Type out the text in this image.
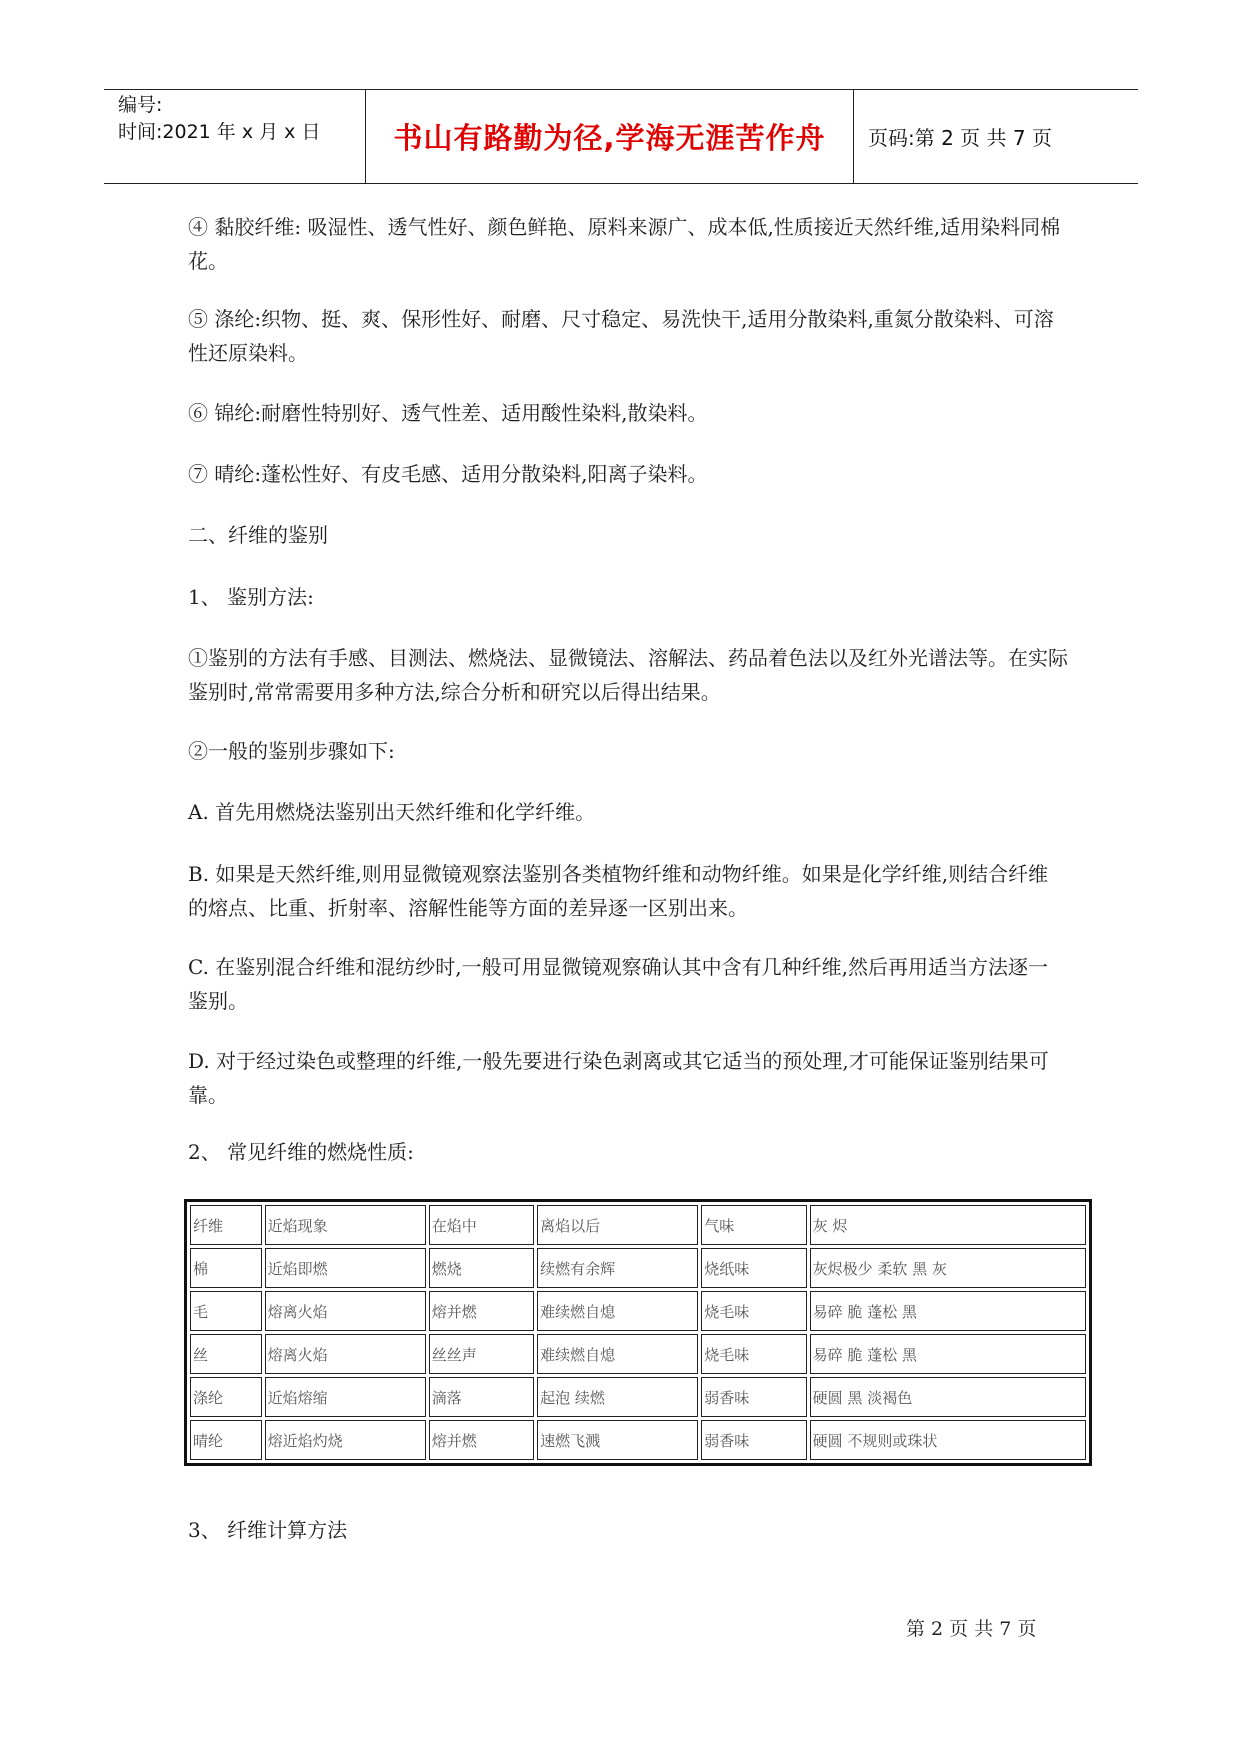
编号:
时间:2021 年 x 月 x 日	书山有路勤为径,学海无涯苦作舟	页码:第 2 页 共 7 页
④ 黏胶纤维: 吸湿性、透气性好、颜色鲜艳、原料来源广、成本低,性质接近天然纤维,适用染料同棉花。
⑤ 涤纶:织物、挺、爽、保形性好、耐磨、尺寸稳定、易洗快干,适用分散染料,重氮分散染料、可溶性还原染料。
⑥ 锦纶:耐磨性特别好、透气性差、适用酸性染料,散染料。
⑦ 晴纶:蓬松性好、有皮毛感、适用分散染料,阳离子染料。
二、纤维的鉴别
1、 鉴别方法:
①鉴别的方法有手感、目测法、燃烧法、显微镜法、溶解法、药品着色法以及红外光谱法等。在实际鉴别时,常常需要用多种方法,综合分析和研究以后得出结果。
②一般的鉴别步骤如下:
A. 首先用燃烧法鉴别出天然纤维和化学纤维。
B. 如果是天然纤维,则用显微镜观察法鉴别各类植物纤维和动物纤维。如果是化学纤维,则结合纤维的熔点、比重、折射率、溶解性能等方面的差异逐一区别出来。
C. 在鉴别混合纤维和混纺纱时,一般可用显微镜观察确认其中含有几种纤维,然后再用适当方法逐一鉴别。
D. 对于经过染色或整理的纤维,一般先要进行染色剥离或其它适当的预处理,才可能保证鉴别结果可靠。
2、 常见纤维的燃烧性质:
纤维	近焰现象	在焰中	离焰以后	气味	灰 烬
棉	近焰即燃	燃烧	续燃有余辉	烧纸味	灰烬极少 柔软 黑 灰
毛	熔离火焰	熔并燃	难续燃自熄	烧毛味	易碎 脆 蓬松 黑
丝	熔离火焰	丝丝声	难续燃自熄	烧毛味	易碎 脆 蓬松 黑
涤纶	近焰熔缩	滴落	起泡 续燃	弱香味	硬圆 黑 淡褐色
晴纶	熔近焰灼烧	熔并燃	速燃飞溅	弱香味	硬圆 不规则或珠状
3、 纤维计算方法
第 2 页 共 7 页
